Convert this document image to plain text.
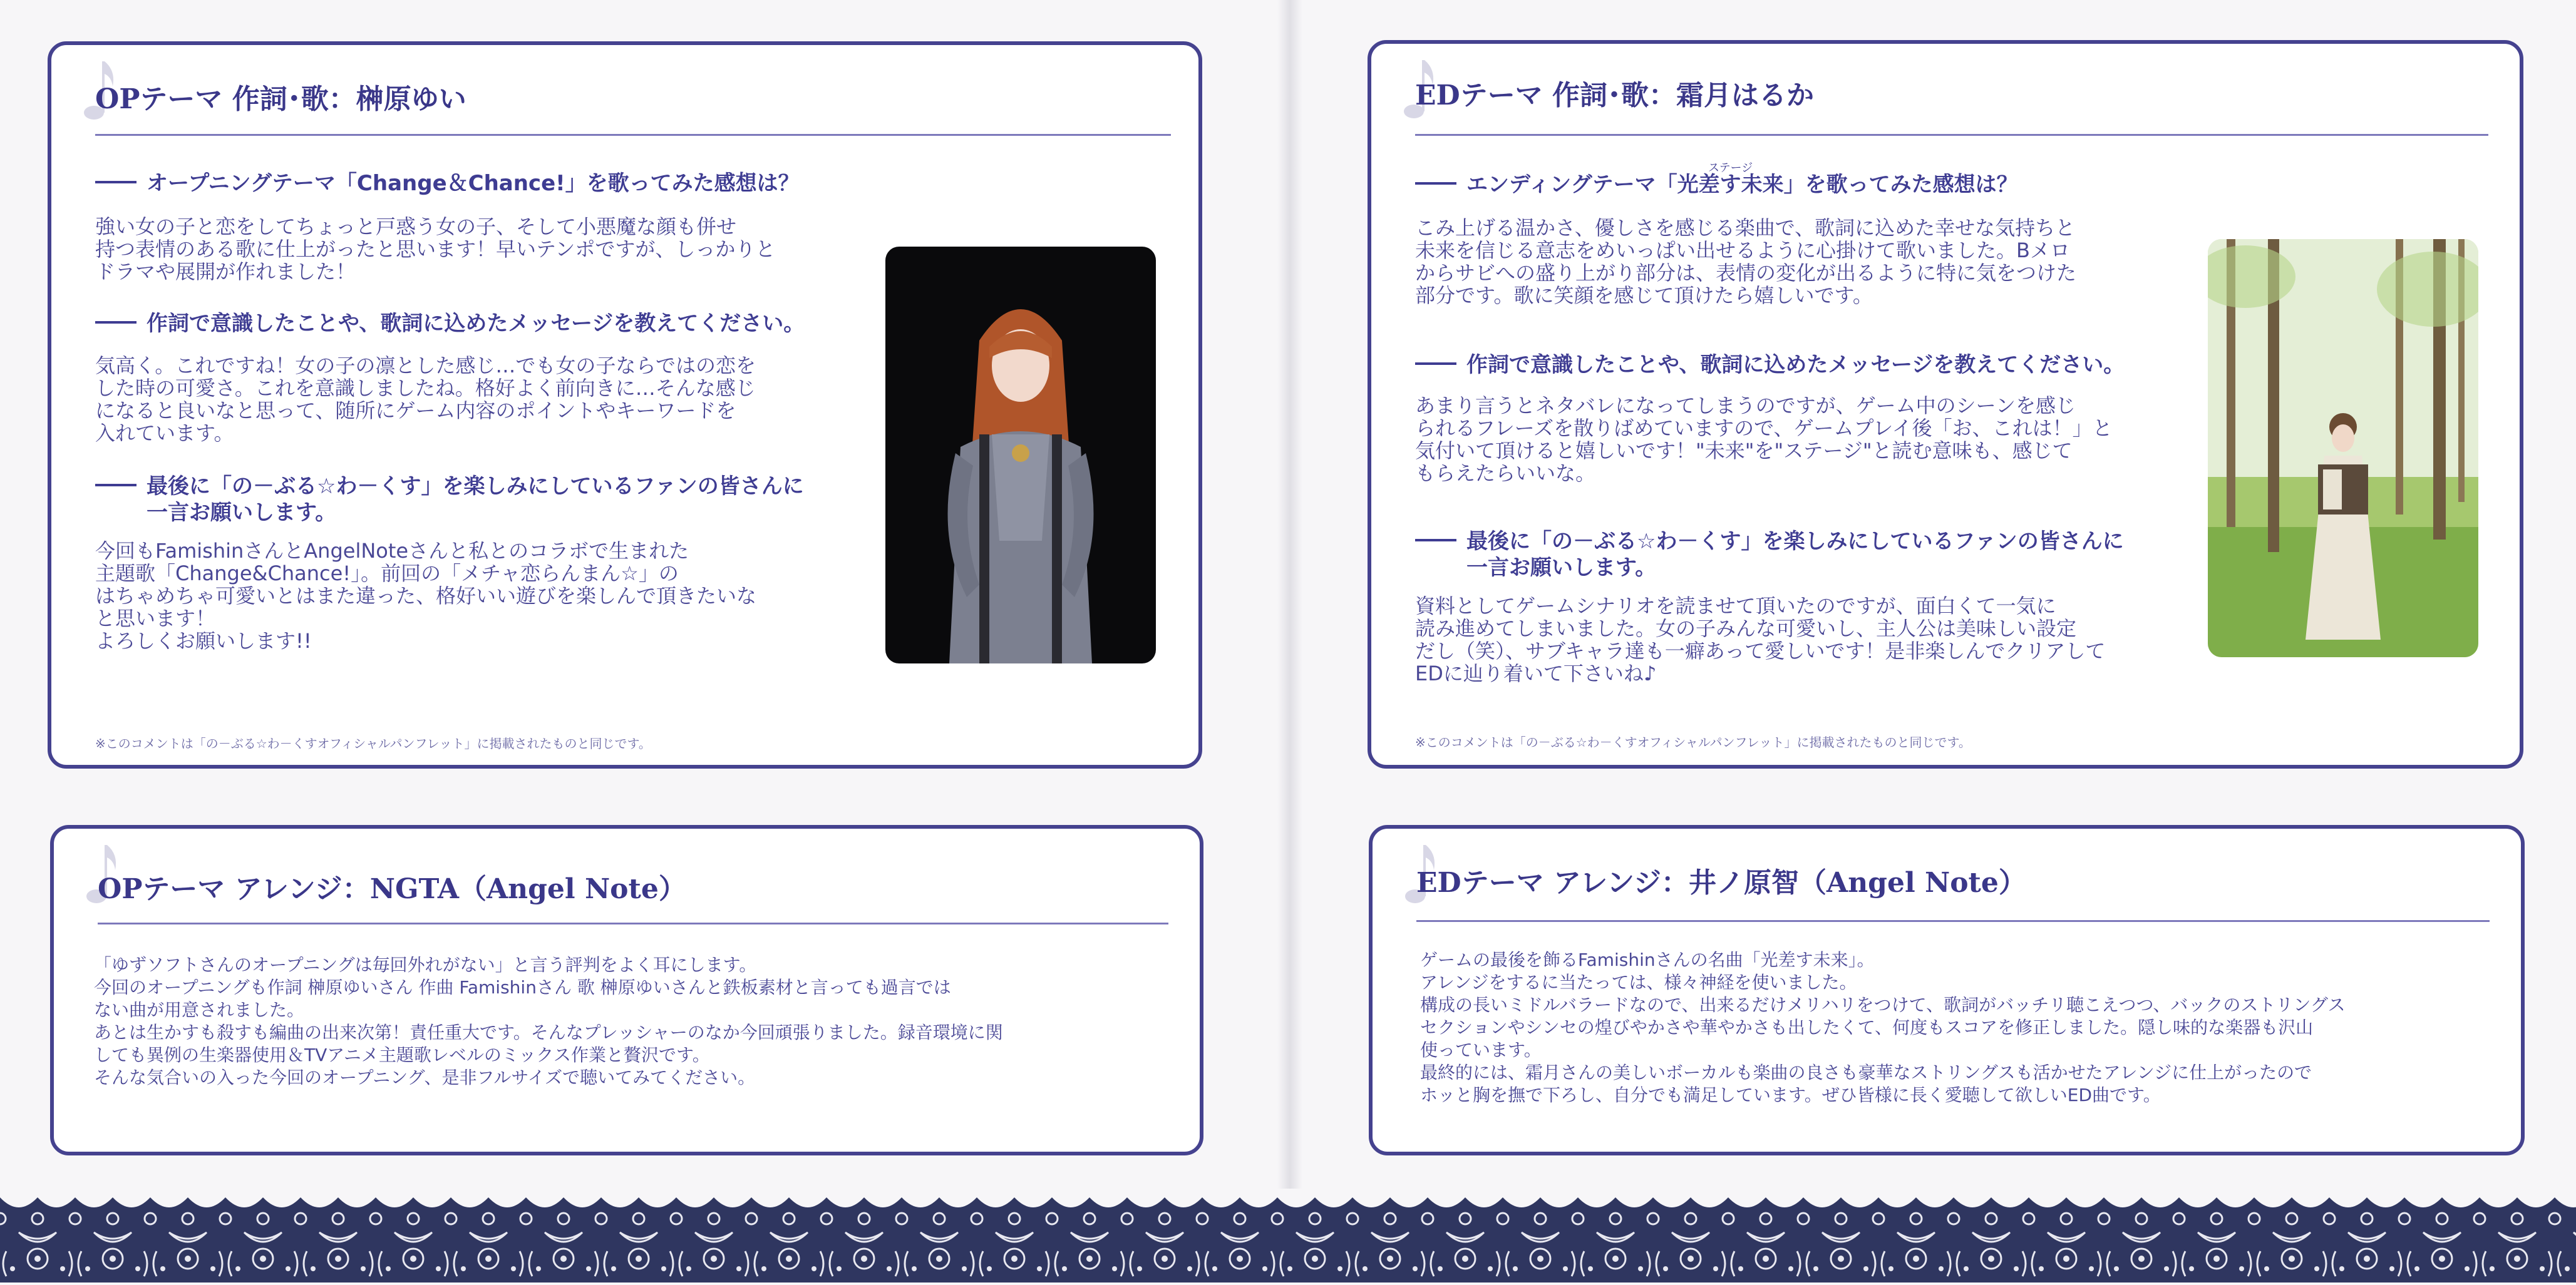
OPテーマ 作詞･歌：榊原ゆい
オープニングテーマ「Change＆Chance!」を歌ってみた感想は？
強い女の子と恋をしてちょっと戸惑う女の子、そして小悪魔な顔も併せ
持つ表情のある歌に仕上がったと思います！早いテンポですが、しっかりと
ドラマや展開が作れました！
作詞で意識したことや、歌詞に込めたメッセージを教えてください。
気高く。これですね！女の子の凛とした感じ…でも女の子ならではの恋を
した時の可愛さ。これを意識しましたね。格好よく前向きに…そんな感じ
になると良いなと思って、随所にゲーム内容のポイントやキーワードを
入れています。
最後に「の－ぶる☆わ－くす」を楽しみにしているファンの皆さんに
一言お願いします。
今回もFamishinさんとAngelNoteさんと私とのコラボで生まれた
主題歌「Change&Chance!」。前回の「メチャ恋らんまん☆」の
はちゃめちゃ可愛いとはまた違った、格好いい遊びを楽しんで頂きたいな
と思います！
よろしくお願いします!!
※このコメントは「の－ぶる☆わ－くすオフィシャルパンフレット」に掲載されたものと同じです。
OPテーマ アレンジ：NGTA（Angel Note）
「ゆずソフトさんのオープニングは毎回外れがない」と言う評判をよく耳にします。
今回のオープニングも作詞 榊原ゆいさん 作曲 Famishinさん 歌 榊原ゆいさんと鉄板素材と言っても過言では
ない曲が用意されました。
あとは生かすも殺すも編曲の出来次第！責任重大です。そんなプレッシャーのなか今回頑張りました。録音環境に関
しても異例の生楽器使用＆TVアニメ主題歌レベルのミックス作業と贅沢です。
そんな気合いの入った今回のオープニング、是非フルサイズで聴いてみてください。
EDテーマ 作詞･歌：霜月はるか
エンディングテーマ「
ステージ
光差す未来」を歌ってみた感想は？
こみ上げる温かさ、優しさを感じる楽曲で、歌詞に込めた幸せな気持ちと
未来を信じる意志をめいっぱい出せるように心掛けて歌いました。Bメロ
からサビへの盛り上がり部分は、表情の変化が出るように特に気をつけた
部分です。歌に笑顔を感じて頂けたら嬉しいです。
作詞で意識したことや、歌詞に込めたメッセージを教えてください。
あまり言うとネタバレになってしまうのですが、ゲーム中のシーンを感じ
られるフレーズを散りばめていますので、ゲームプレイ後「お、これは！」と
気付いて頂けると嬉しいです！"未来"を"ステージ"と読む意味も、感じて
もらえたらいいな。
最後に「の－ぶる☆わ－くす」を楽しみにしているファンの皆さんに
一言お願いします。
資料としてゲームシナリオを読ませて頂いたのですが、面白くて一気に
読み進めてしまいました。女の子みんな可愛いし、主人公は美味しい設定
だし（笑）、サブキャラ達も一癖あって愛しいです！是非楽しんでクリアして
EDに辿り着いて下さいね♪
※このコメントは「の－ぶる☆わ－くすオフィシャルパンフレット」に掲載されたものと同じです。
EDテーマ アレンジ：井ノ原智（Angel Note）
ゲームの最後を飾るFamishinさんの名曲「光差す未来」。
アレンジをするに当たっては、様々神経を使いました。
構成の長いミドルバラードなので、出来るだけメリハリをつけて、歌詞がバッチリ聴こえつつ、バックのストリングス
セクションやシンセの煌びやかさや華やかさも出したくて、何度もスコアを修正しました。隠し味的な楽器も沢山
使っています。
最終的には、霜月さんの美しいボーカルも楽曲の良さも豪華なストリングスも活かせたアレンジに仕上がったので
ホッと胸を撫で下ろし、自分でも満足しています。ぜひ皆様に長く愛聴して欲しいED曲です。
